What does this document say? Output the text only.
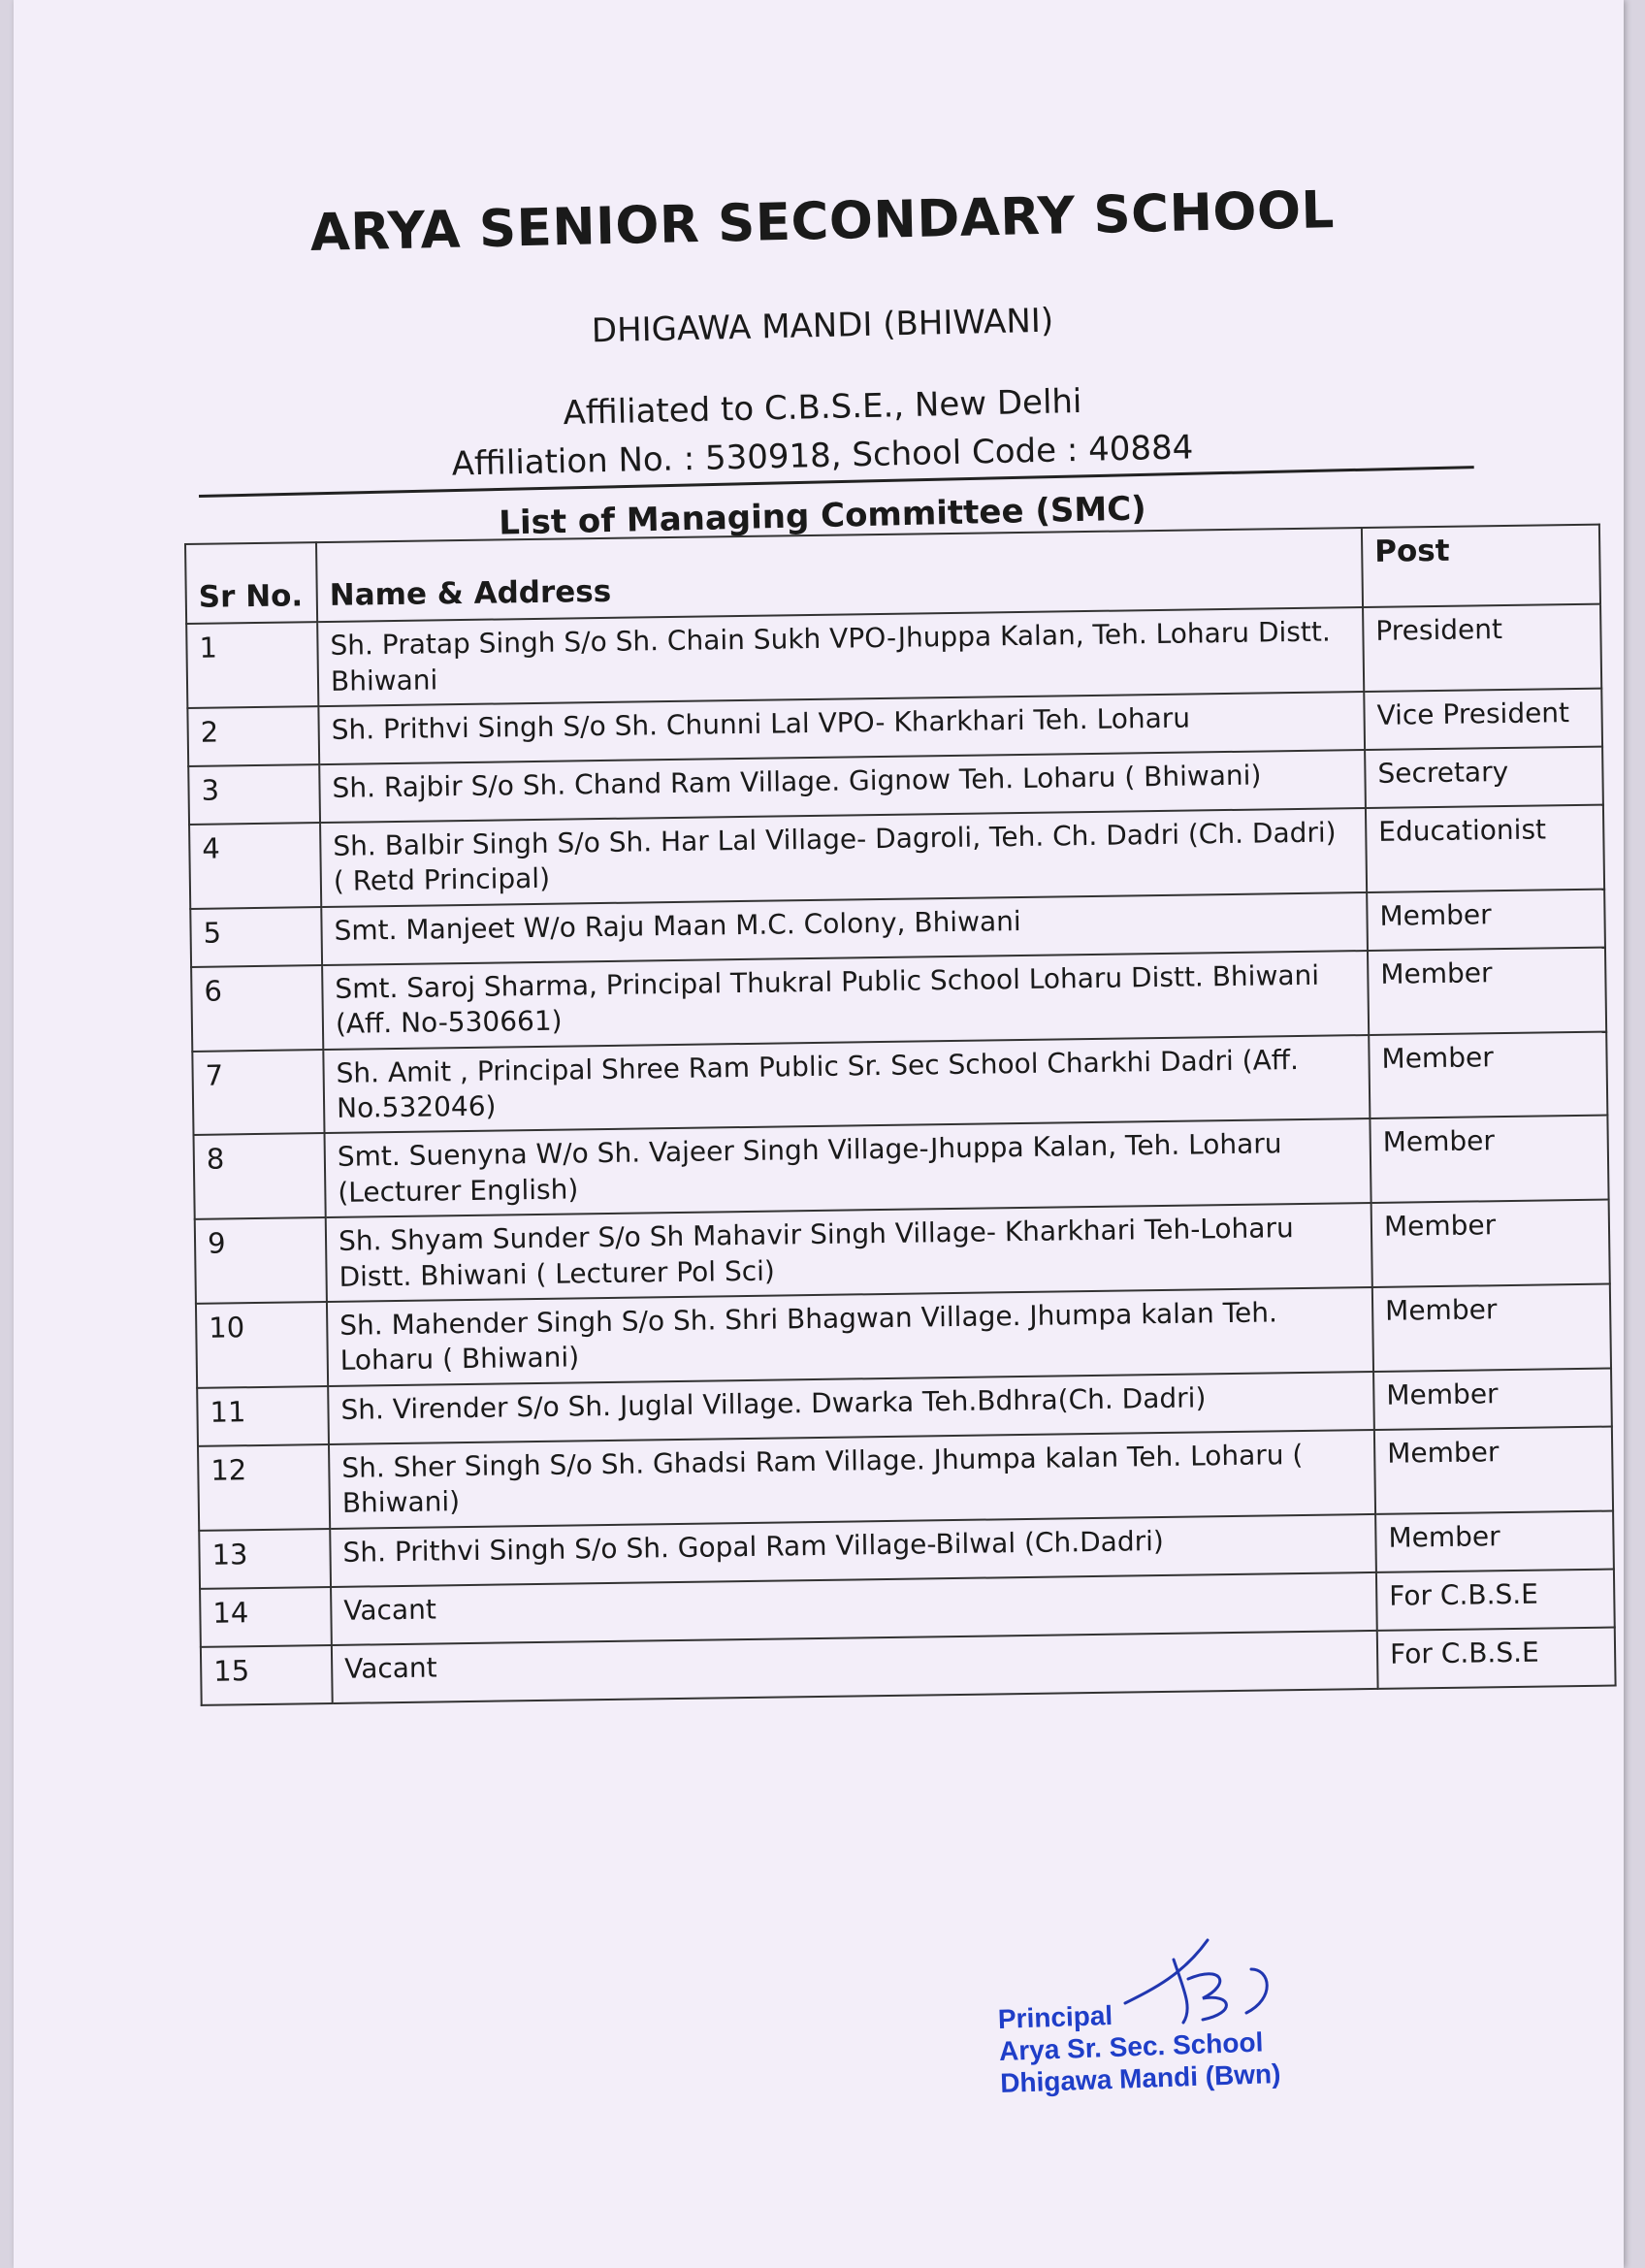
ARYA SENIOR SECONDARY SCHOOL
DHIGAWA MANDI (BHIWANI)
Affiliated to C.B.S.E., New Delhi
Affiliation No. : 530918, School Code : 40884
List of Managing Committee (SMC)
Sr No.	Name & Address	Post
1	Sh. Pratap Singh S/o Sh. Chain Sukh VPO-Jhuppa Kalan, Teh. Loharu Distt. Bhiwani	President
2	Sh. Prithvi Singh S/o Sh. Chunni Lal VPO- Kharkhari Teh. Loharu	Vice President
3	Sh. Rajbir S/o Sh. Chand Ram Village. Gignow Teh. Loharu ( Bhiwani)	Secretary
4	Sh. Balbir Singh S/o Sh. Har Lal Village- Dagroli, Teh. Ch. Dadri (Ch. Dadri) ( Retd Principal)	Educationist
5	Smt. Manjeet W/o Raju Maan M.C. Colony, Bhiwani	Member
6	Smt. Saroj Sharma, Principal Thukral Public School Loharu Distt. Bhiwani (Aff. No-530661)	Member
7	Sh. Amit , Principal Shree Ram Public Sr. Sec School Charkhi Dadri (Aff. No.532046)	Member
8	Smt. Suenyna W/o Sh. Vajeer Singh Village-Jhuppa Kalan, Teh. Loharu (Lecturer English)	Member
9	Sh. Shyam Sunder S/o Sh Mahavir Singh Village- Kharkhari Teh-Loharu Distt. Bhiwani ( Lecturer Pol Sci)	Member
10	Sh. Mahender Singh S/o Sh. Shri Bhagwan Village. Jhumpa kalan Teh. Loharu ( Bhiwani)	Member
11	Sh. Virender S/o Sh. Juglal Village. Dwarka Teh.Bdhra(Ch. Dadri)	Member
12	Sh. Sher Singh S/o Sh. Ghadsi Ram Village. Jhumpa kalan Teh. Loharu ( Bhiwani)	Member
13	Sh. Prithvi Singh S/o Sh. Gopal Ram Village-Bilwal (Ch.Dadri)	Member
14	Vacant	For C.B.S.E
15	Vacant	For C.B.S.E
Principal
Arya Sr. Sec. School
Dhigawa Mandi (Bwn)
